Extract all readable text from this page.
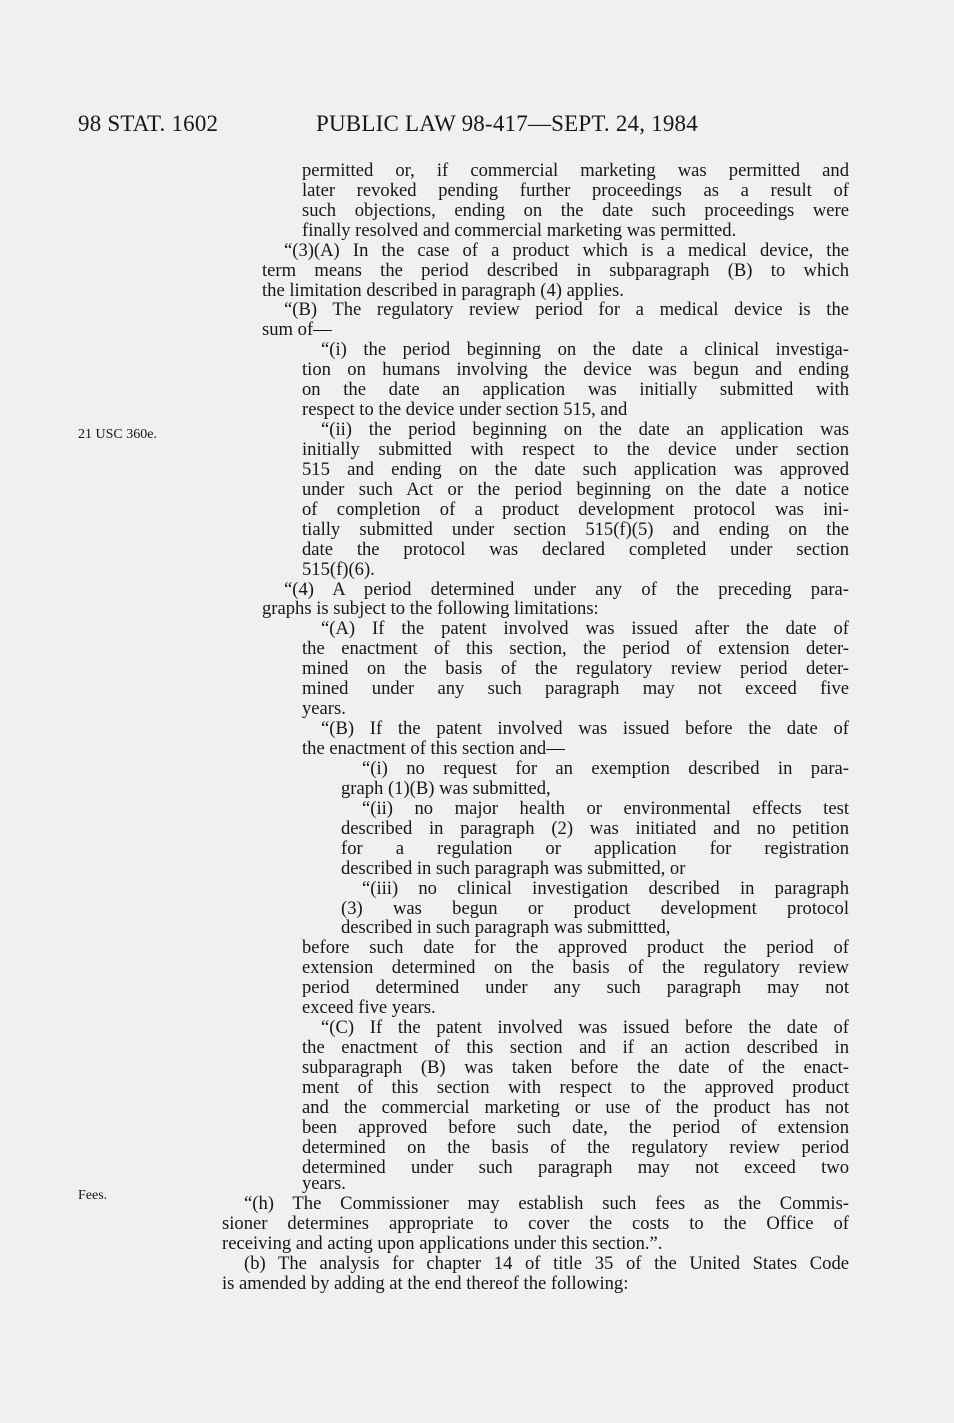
98 STAT. 1602	PUBLIC LAW 98-417—SEPT. 24, 1984
21 USC 360e.
Fees.
permitted or, if commercial marketing was permitted and
later revoked pending further proceedings as a result of
such objections, ending on the date such proceedings were
finally resolved and commercial marketing was permitted.
“(3)(A) In the case of a product which is a medical device, the
term means the period described in subparagraph (B) to which
the limitation described in paragraph (4) applies.
“(B) The regulatory review period for a medical device is the
sum of—
“(i) the period beginning on the date a clinical investiga-
tion on humans involving the device was begun and ending
on the date an application was initially submitted with
respect to the device under section 515, and
“(ii) the period beginning on the date an application was
initially submitted with respect to the device under section
515 and ending on the date such application was approved
under such Act or the period beginning on the date a notice
of completion of a product development protocol was ini-
tially submitted under section 515(f)(5) and ending on the
date the protocol was declared completed under section
515(f)(6).
“(4) A period determined under any of the preceding para-
graphs is subject to the following limitations:
“(A) If the patent involved was issued after the date of
the enactment of this section, the period of extension deter-
mined on the basis of the regulatory review period deter-
mined under any such paragraph may not exceed five
years.
“(B) If the patent involved was issued before the date of
the enactment of this section and—
“(i) no request for an exemption described in para-
graph (1)(B) was submitted,
“(ii) no major health or environmental effects test
described in paragraph (2) was initiated and no petition
for a regulation or application for registration
described in such paragraph was submitted, or
“(iii) no clinical investigation described in paragraph
(3) was begun or product development protocol
described in such paragraph was submittted,
before such date for the approved product the period of
extension determined on the basis of the regulatory review
period determined under any such paragraph may not
exceed five years.
“(C) If the patent involved was issued before the date of
the enactment of this section and if an action described in
subparagraph (B) was taken before the date of the enact-
ment of this section with respect to the approved product
and the commercial marketing or use of the product has not
been approved before such date, the period of extension
determined on the basis of the regulatory review period
determined under such paragraph may not exceed two
years.
“(h) The Commissioner may establish such fees as the Commis-
sioner determines appropriate to cover the costs to the Office of
receiving and acting upon applications under this section.”.
(b) The analysis for chapter 14 of title 35 of the United States Code
is amended by adding at the end thereof the following:
